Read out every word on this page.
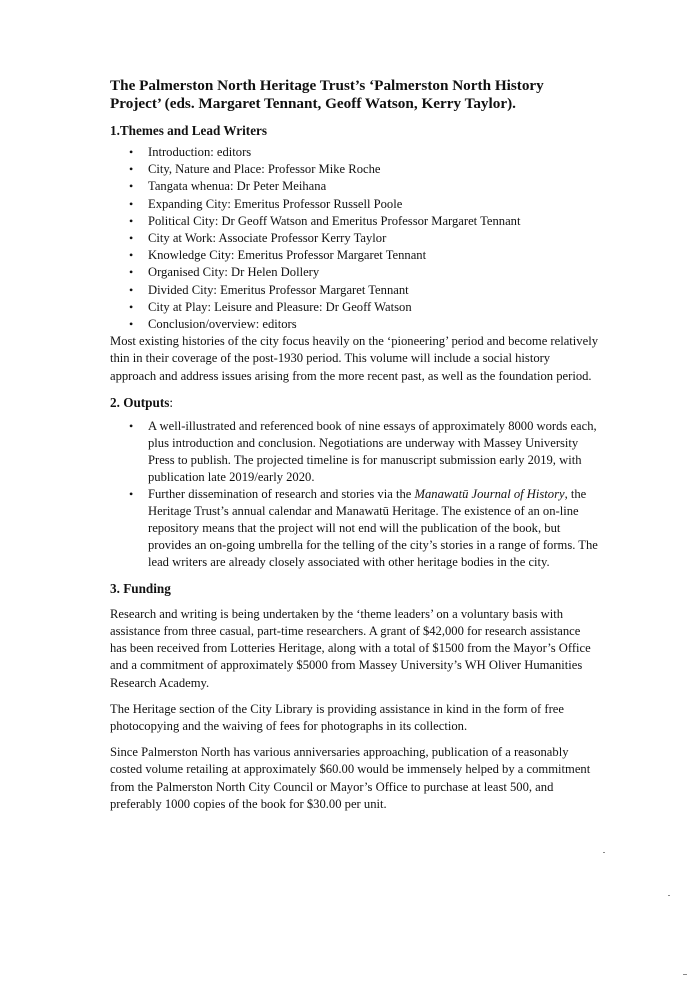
The Palmerston North Heritage Trust’s ‘Palmerston North History Project’ (eds. Margaret Tennant, Geoff Watson, Kerry Taylor).
1.Themes and Lead Writers
• Introduction: editors
• City, Nature and Place: Professor Mike Roche
• Tangata whenua: Dr Peter Meihana
• Expanding City: Emeritus Professor Russell Poole
• Political City: Dr Geoff Watson and Emeritus Professor Margaret Tennant
• City at Work: Associate Professor Kerry Taylor
• Knowledge City: Emeritus Professor Margaret Tennant
• Organised City: Dr Helen Dollery
• Divided City: Emeritus Professor Margaret Tennant
• City at Play: Leisure and Pleasure: Dr Geoff Watson
• Conclusion/overview: editors

Most existing histories of the city focus heavily on the ‘pioneering’ period and become relatively thin in their coverage of the post-1930 period. This volume will include a social history approach and address issues arising from the more recent past, as well as the foundation period.

2. Outputs:
• A well-illustrated and referenced book of nine essays of approximately 8000 words each, plus introduction and conclusion. Negotiations are underway with Massey University Press to publish. The projected timeline is for manuscript submission early 2019, with publication late 2019/early 2020.
• Further dissemination of research and stories via the Manawatū Journal of History, the Heritage Trust’s annual calendar and Manawatū Heritage. The existence of an on-line repository means that the project will not end will the publication of the book, but provides an on-going umbrella for the telling of the city’s stories in a range of forms. The lead writers are already closely associated with other heritage bodies in the city.
3. Funding

Research and writing is being undertaken by the ‘theme leaders’ on a voluntary basis with assistance from three casual, part-time researchers. A grant of $42,000 for research assistance has been received from Lotteries Heritage, along with a total of $1500 from the Mayor’s Office and a commitment of approximately $5000 from Massey University’s WH Oliver Humanities Research Academy.

The Heritage section of the City Library is providing assistance in kind in the form of free photocopying and the waiving of fees for photographs in its collection.

Since Palmerston North has various anniversaries approaching, publication of a reasonably costed volume retailing at approximately $60.00 would be immensely helped by a commitment from the Palmerston North City Council or Mayor’s Office to purchase at least 500, and preferably 1000 copies of the book for $30.00 per unit.
